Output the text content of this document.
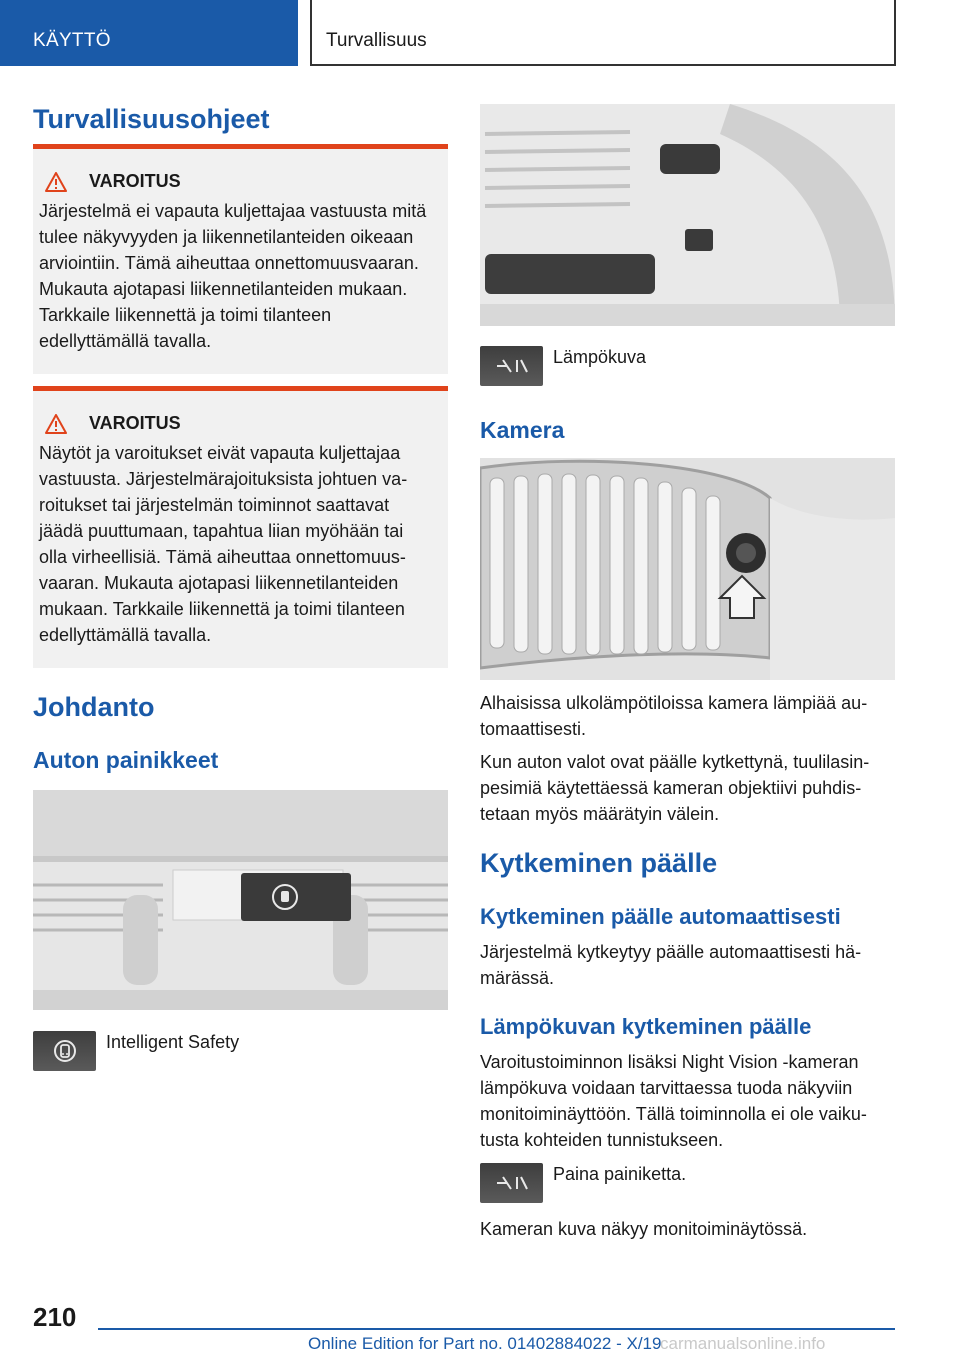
KÄYTTÖ	Turvallisuus
Turvallisuusohjeet
VAROITUS
Järjestelmä ei vapauta kuljettajaa vastuusta mitä tulee näkyvyyden ja liikennetilanteiden oikeaan arviointiin. Tämä aiheuttaa onnettomuusvaaran. Mukauta ajotapasi liikennetilanteiden mukaan. Tarkkaile liikennettä ja toimi tilanteen edellyttämällä tavalla.
VAROITUS
Näytöt ja varoitukset eivät vapauta kuljettajaa vastuusta. Järjestelmärajoituksista johtuen varoitukset tai järjestelmän toiminnot saattavat jäädä puuttumaan, tapahtua liian myöhään tai olla virheellisiä. Tämä aiheuttaa onnettomuusvaaran. Mukauta ajotapasi liikennetilanteiden mukaan. Tarkkaile liikennettä ja toimi tilanteen edellyttämällä tavalla.
Johdanto
Auton painikkeet
Intelligent Safety
Lämpökuva
Kamera
Alhaisissa ulkolämpötiloissa kamera lämpiää automaattisesti.
Kun auton valot ovat päälle kytkettynä, tuulilasinpesimiä käytettäessä kameran objektiivi puhdistetaan myös määrätyin välein.
Kytkeminen päälle
Kytkeminen päälle automaattisesti
Järjestelmä kytkeytyy päälle automaattisesti hämärässä.
Lämpökuvan kytkeminen päälle
Varoitustoiminnon lisäksi Night Vision -kameran lämpökuva voidaan tarvittaessa tuoda näkyviin monitoiminäyttöön. Tällä toiminnolla ei ole vaikutusta kohteiden tunnistukseen.
Paina painiketta.
Kameran kuva näkyy monitoiminäytössä.
210
Online Edition for Part no. 01402884022 - X/19
carmanualsonline.info
